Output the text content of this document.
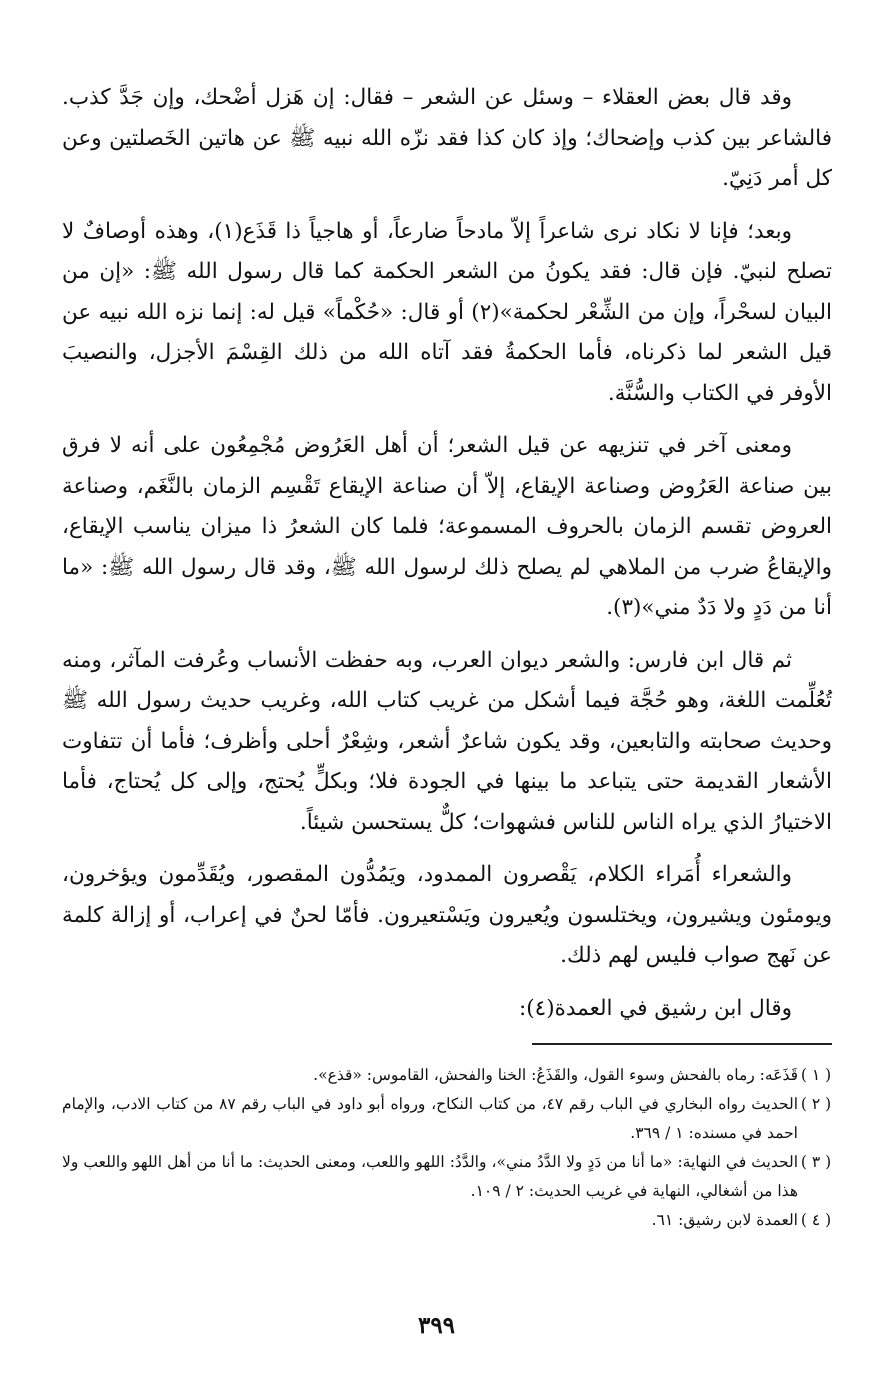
وقد قال بعض العقلاء – وسئل عن الشعر – فقال: إن هَزل أضْحك، وإن جَدَّ كذب. فالشاعر بين كذب وإضحاك؛ وإذ كان كذا فقد نزّه الله نبيه ﷺ عن هاتين الخَصلتين وعن كل أمر دَنِيّ.

وبعد؛ فإنا لا نكاد نرى شاعراً إلاّ مادحاً ضارعاً، أو هاجياً ذا قَذَع(١)، وهذه أوصافٌ لا تصلح لنبيّ. فإن قال: فقد يكونُ من الشعر الحكمة كما قال رسول الله ﷺ: «إن من البيان لسحْراً، وإن من الشِّعْر لحكمة»(٢) أو قال: «حُكْماً» قيل له: إنما نزه الله نبيه عن قيل الشعر لما ذكرناه، فأما الحكمةُ فقد آتاه الله من ذلك القِسْمَ الأجزل، والنصيبَ الأوفر في الكتاب والسُّنَّة.

ومعنى آخر في تنزيهه عن قيل الشعر؛ أن أهل العَرُوض مُجْمِعُون على أنه لا فرق بين صناعة العَرُوض وصناعة الإيقاع، إلاّ أن صناعة الإيقاع تَقْسِم الزمان بالنَّغَم، وصناعة العروض تقسم الزمان بالحروف المسموعة؛ فلما كان الشعرُ ذا ميزان يناسب الإيقاع، والإيقاعُ ضرب من الملاهي لم يصلح ذلك لرسول الله ﷺ، وقد قال رسول الله ﷺ: «ما أنا من دَدٍ ولا دَدٌ مني»(٣).

ثم قال ابن فارس: والشعر ديوان العرب، وبه حفظت الأنساب وعُرفت المآثر، ومنه تُعُلِّمت اللغة، وهو حُجَّة فيما أشكل من غريب كتاب الله، وغريب حديث رسول الله ﷺ وحديث صحابته والتابعين، وقد يكون شاعرٌ أشعر، وشِعْرٌ أحلى وأظرف؛ فأما أن تتفاوت الأشعار القديمة حتى يتباعد ما بينها في الجودة فلا؛ وبكلٍّ يُحتج، وإلى كل يُحتاج، فأما الاختيارُ الذي يراه الناس للناس فشهوات؛ كلٌّ يستحسن شيئاً.

والشعراء أُمَراء الكلام، يَقْصرون الممدود، ويَمُدُّون المقصور، ويُقَدِّمون ويؤخرون، ويومئون ويشيرون، ويختلسون ويُعيرون ويَسْتعيرون. فأمّا لحنٌ في إعراب، أو إزالة كلمة عن نَهج صواب فليس لهم ذلك.

وقال ابن رشيق في العمدة(٤):

( ١ )
قَذَعَه: رماه بالفحش وسوء القول، والقَذَعُ: الخنا والفحش، القاموس: «قذع».

( ٢ )
الحديث رواه البخاري في الباب رقم ٤٧، من كتاب النكاح، ورواه أبو داود في الباب رقم ٨٧ من كتاب الادب، والإمام احمد في مسنده: ١ / ٣٦٩.

( ٣ )
الحديث في النهاية: «ما أنا من دَدٍ ولا الدَّدُ مني»، والدَّدُ: اللهو واللعب، ومعنى الحديث: ما أنا من أهل اللهو واللعب ولا هذا من أشغالي، النهاية في غريب الحديث: ٢ / ١٠٩.

( ٤ )
العمدة لابن رشيق: ٦١.

٣٩٩
